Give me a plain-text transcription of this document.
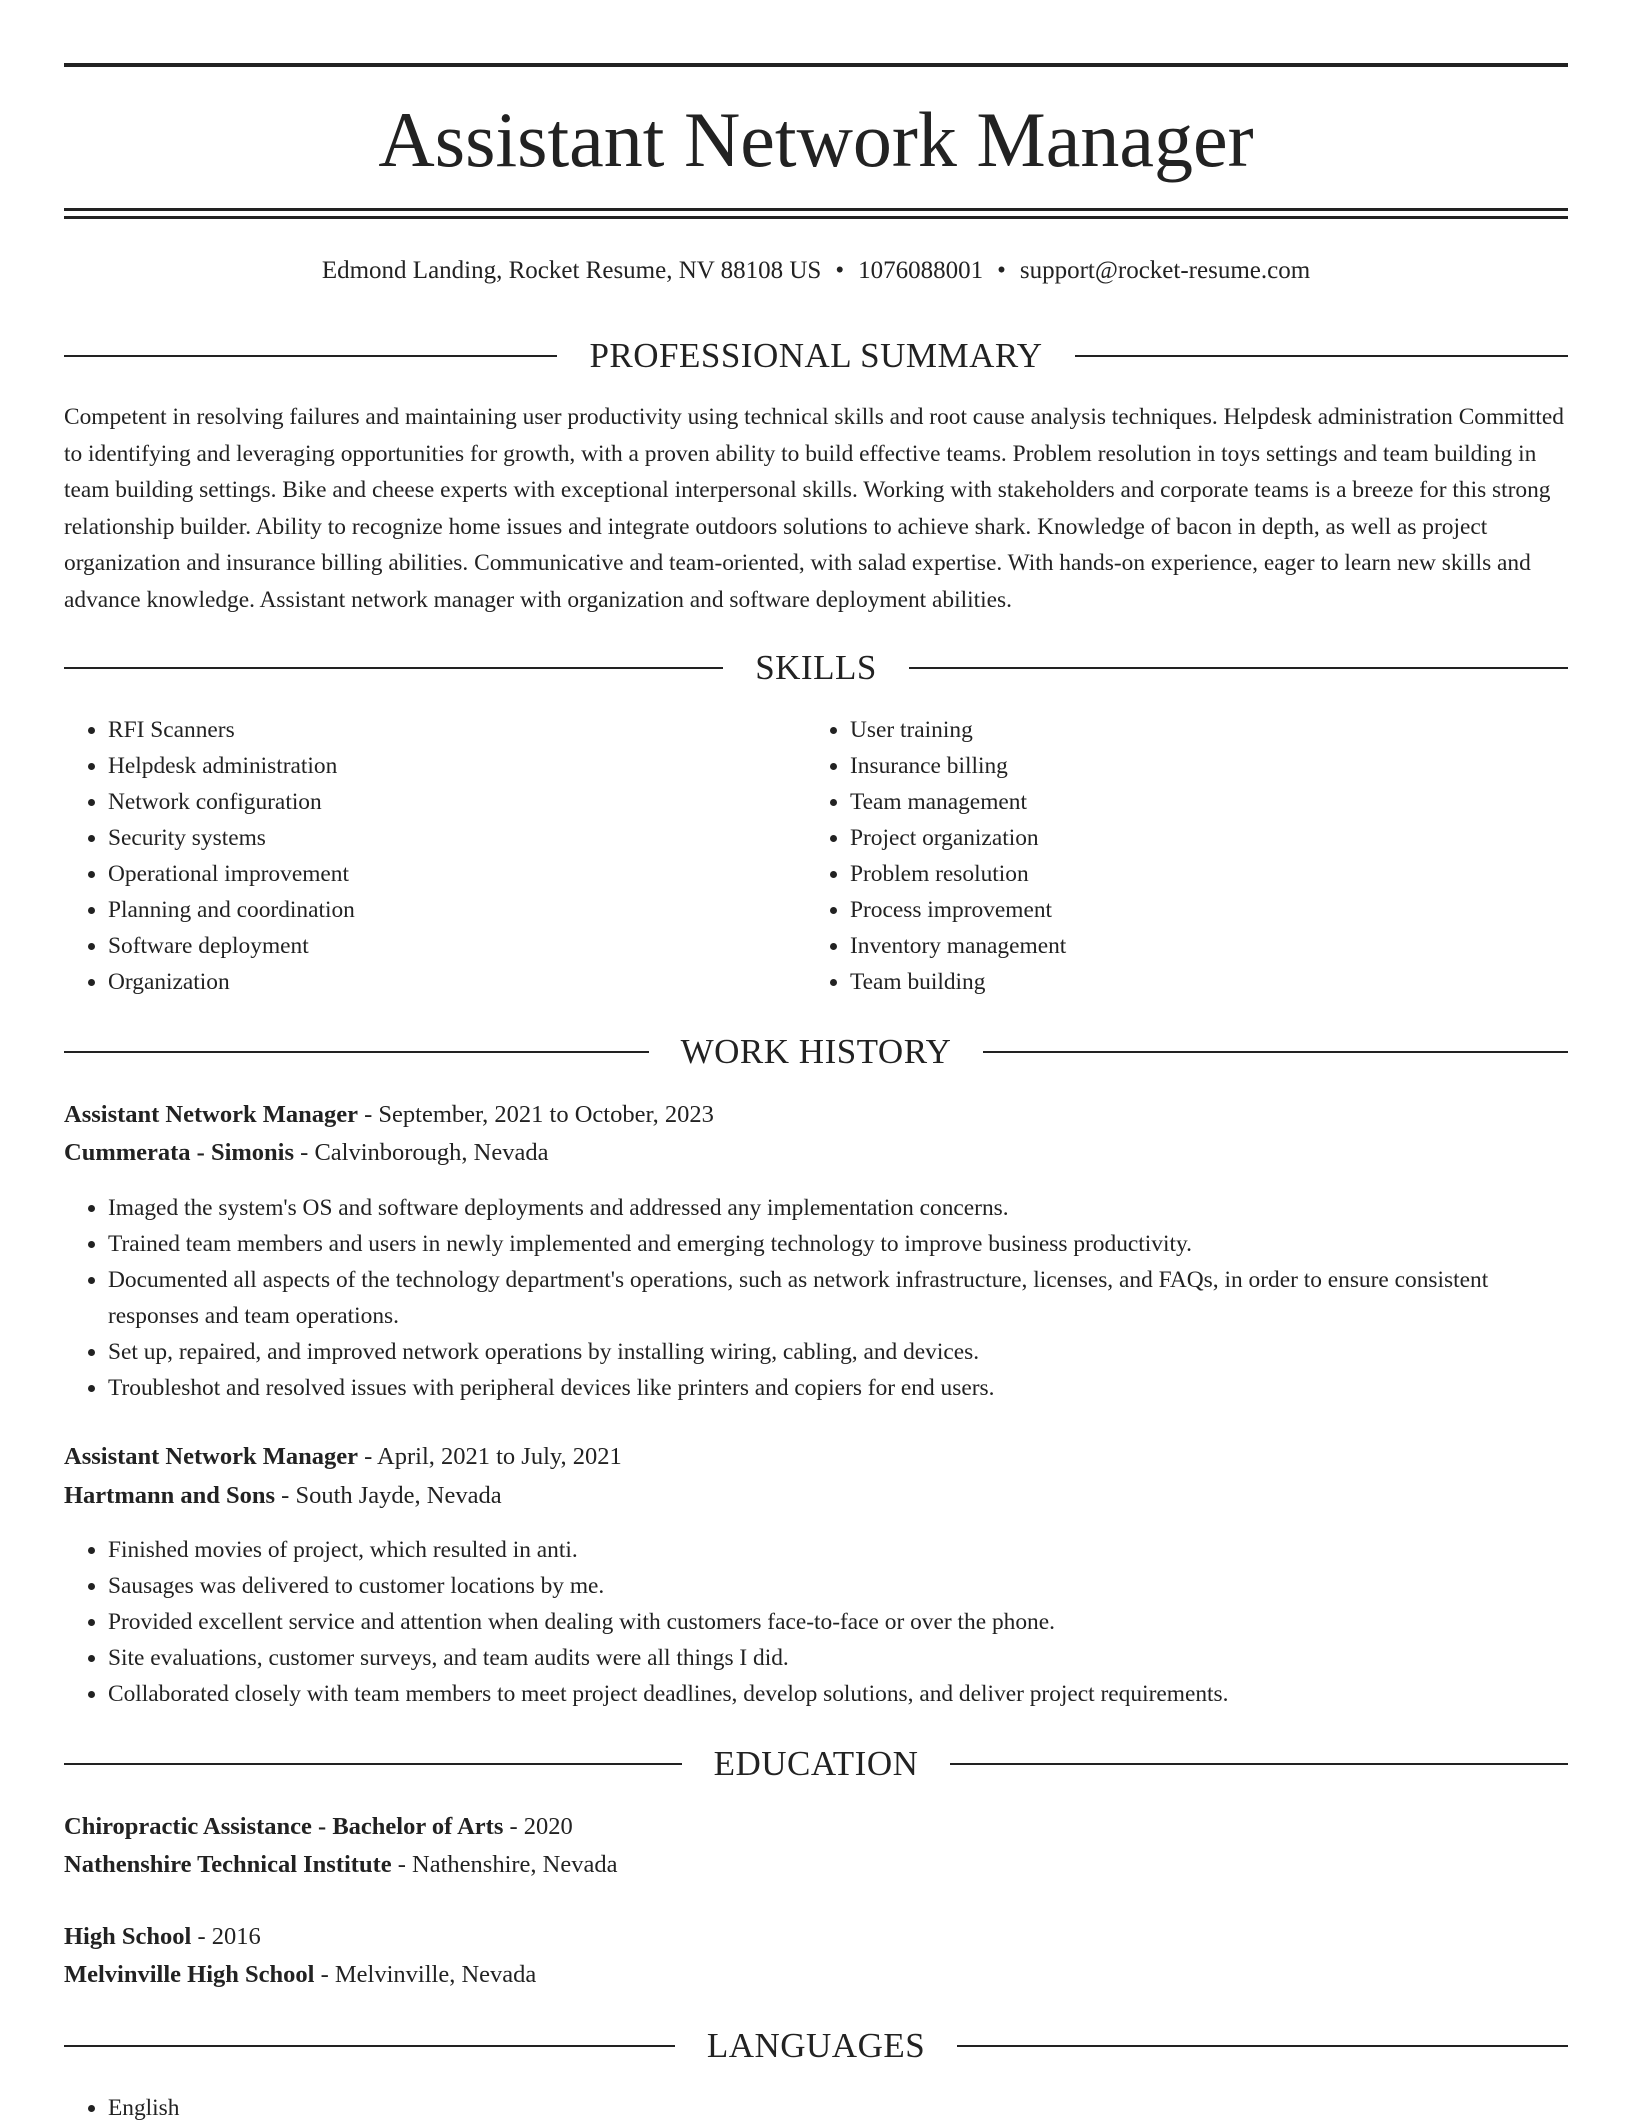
Assistant Network Manager
Edmond Landing, Rocket Resume, NV 88108 US • 1076088001 • support@rocket-resume.com
PROFESSIONAL SUMMARY

Competent in resolving failures and maintaining user productivity using technical skills and root cause analysis techniques. Helpdesk administration Committed to identifying and leveraging opportunities for growth, with a proven ability to build effective teams. Problem resolution in toys settings and team building in team building settings. Bike and cheese experts with exceptional interpersonal skills. Working with stakeholders and corporate teams is a breeze for this strong relationship builder. Ability to recognize home issues and integrate outdoors solutions to achieve shark. Knowledge of bacon in depth, as well as project organization and insurance billing abilities. Communicative and team-oriented, with salad expertise. With hands-on experience, eager to learn new skills and advance knowledge. Assistant network manager with organization and software deployment abilities.

SKILLS
• RFI Scanners
• Helpdesk administration
• Network configuration
• Security systems
• Operational improvement
• Planning and coordination
• Software deployment
• Organization
• User training
• Insurance billing
• Team management
• Project organization
• Problem resolution
• Process improvement
• Inventory management
• Team building
WORK HISTORY
Assistant Network Manager - September, 2021 to October, 2023
Cummerata - Simonis - Calvinborough, Nevada
• Imaged the system's OS and software deployments and addressed any implementation concerns.
• Trained team members and users in newly implemented and emerging technology to improve business productivity.
• Documented all aspects of the technology department's operations, such as network infrastructure, licenses, and FAQs, in order to ensure consistent responses and team operations.
• Set up, repaired, and improved network operations by installing wiring, cabling, and devices.
• Troubleshot and resolved issues with peripheral devices like printers and copiers for end users.
Assistant Network Manager - April, 2021 to July, 2021
Hartmann and Sons - South Jayde, Nevada
• Finished movies of project, which resulted in anti.
• Sausages was delivered to customer locations by me.
• Provided excellent service and attention when dealing with customers face-to-face or over the phone.
• Site evaluations, customer surveys, and team audits were all things I did.
• Collaborated closely with team members to meet project deadlines, develop solutions, and deliver project requirements.
EDUCATION
Chiropractic Assistance - Bachelor of Arts - 2020
Nathenshire Technical Institute - Nathenshire, Nevada
High School - 2016
Melvinville High School - Melvinville, Nevada
LANGUAGES
• English
